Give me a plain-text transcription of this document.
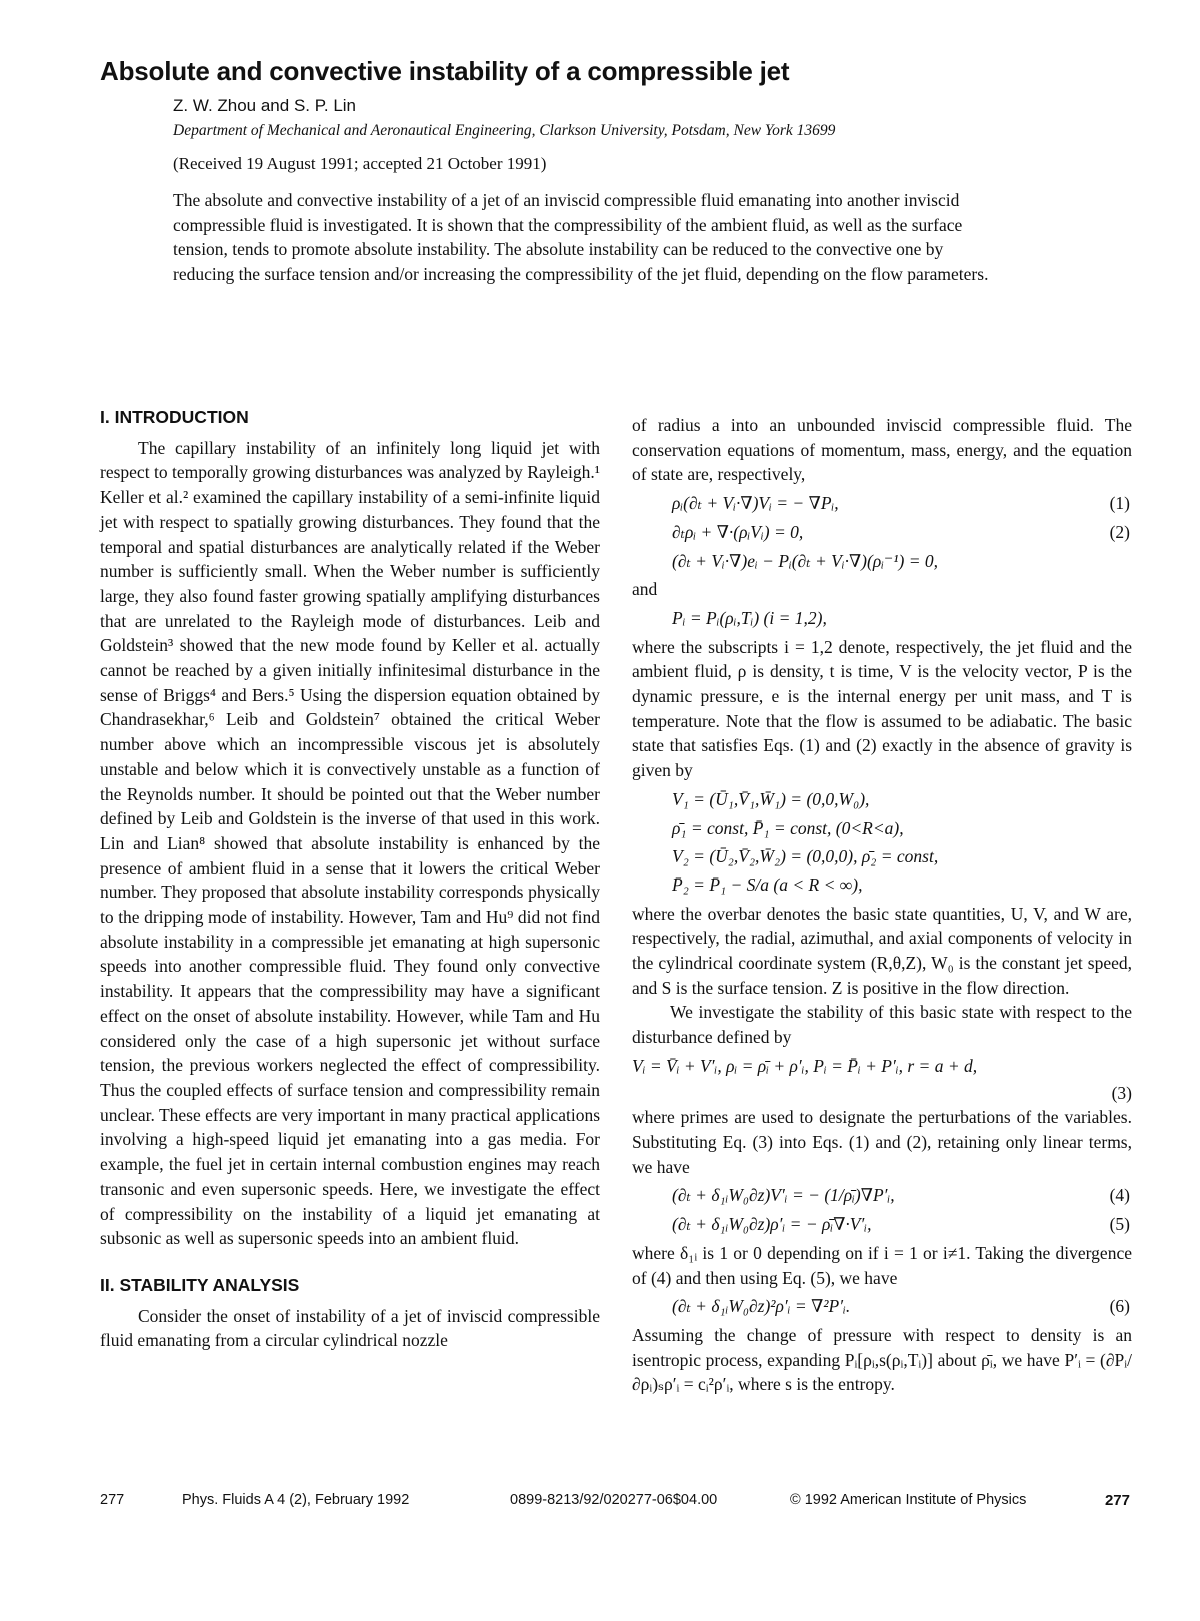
Absolute and convective instability of a compressible jet
Z. W. Zhou and S. P. Lin
Department of Mechanical and Aeronautical Engineering, Clarkson University, Potsdam, New York 13699
(Received 19 August 1991; accepted 21 October 1991)

The absolute and convective instability of a jet of an inviscid compressible fluid emanating into another inviscid compressible fluid is investigated. It is shown that the compressibility of the ambient fluid, as well as the surface tension, tends to promote absolute instability. The absolute instability can be reduced to the convective one by reducing the surface tension and/or increasing the compressibility of the jet fluid, depending on the flow parameters.

I. INTRODUCTION

The capillary instability of an infinitely long liquid jet with respect to temporally growing disturbances was analyzed by Rayleigh.¹ Keller et al.² examined the capillary instability of a semi-infinite liquid jet with respect to spatially growing disturbances. They found that the temporal and spatial disturbances are analytically related if the Weber number is sufficiently small. When the Weber number is sufficiently large, they also found faster growing spatially amplifying disturbances that are unrelated to the Rayleigh mode of disturbances. Leib and Goldstein³ showed that the new mode found by Keller et al. actually cannot be reached by a given initially infinitesimal disturbance in the sense of Briggs⁴ and Bers.⁵ Using the dispersion equation obtained by Chandrasekhar,⁶ Leib and Goldstein⁷ obtained the critical Weber number above which an incompressible viscous jet is absolutely unstable and below which it is convectively unstable as a function of the Reynolds number. It should be pointed out that the Weber number defined by Leib and Goldstein is the inverse of that used in this work. Lin and Lian⁸ showed that absolute instability is enhanced by the presence of ambient fluid in a sense that it lowers the critical Weber number. They proposed that absolute instability corresponds physically to the dripping mode of instability. However, Tam and Hu⁹ did not find absolute instability in a compressible jet emanating at high supersonic speeds into another compressible fluid. They found only convective instability. It appears that the compressibility may have a significant effect on the onset of absolute instability. However, while Tam and Hu considered only the case of a high supersonic jet without surface tension, the previous workers neglected the effect of compressibility. Thus the coupled effects of surface tension and compressibility remain unclear. These effects are very important in many practical applications involving a high-speed liquid jet emanating into a gas media. For example, the fuel jet in certain internal combustion engines may reach transonic and even supersonic speeds. Here, we investigate the effect of compressibility on the instability of a liquid jet emanating at subsonic as well as supersonic speeds into an ambient fluid.

II. STABILITY ANALYSIS

Consider the onset of instability of a jet of inviscid compressible fluid emanating from a circular cylindrical nozzle

of radius a into an unbounded inviscid compressible fluid. The conservation equations of momentum, mass, energy, and the equation of state are, respectively,

ρᵢ(∂ₜ + Vᵢ·∇)Vᵢ = − ∇Pᵢ,	(1)
∂ₜρᵢ + ∇·(ρᵢVᵢ) = 0,	(2)
(∂ₜ + Vᵢ·∇)eᵢ − Pᵢ(∂ₜ + Vᵢ·∇)(ρᵢ⁻¹) = 0,

and

Pᵢ = Pᵢ(ρᵢ,Tᵢ) (i = 1,2),

where the subscripts i = 1,2 denote, respectively, the jet fluid and the ambient fluid, ρ is density, t is time, V is the velocity vector, P is the dynamic pressure, e is the internal energy per unit mass, and T is temperature. Note that the flow is assumed to be adiabatic. The basic state that satisfies Eqs. (1) and (2) exactly in the absence of gravity is given by

V₁ = (Ū₁,V̄₁,W̄₁) = (0,0,W₀),
ρ̄₁ = const, P̄₁ = const, (0<R<a),
V₂ = (Ū₂,V̄₂,W̄₂) = (0,0,0), ρ̄₂ = const,
P̄₂ = P̄₁ − S/a (a < R < ∞),

where the overbar denotes the basic state quantities, U, V, and W are, respectively, the radial, azimuthal, and axial components of velocity in the cylindrical coordinate system (R,θ,Z), W₀ is the constant jet speed, and S is the surface tension. Z is positive in the flow direction.

We investigate the stability of this basic state with respect to the disturbance defined by

Vᵢ = V̄ᵢ + V′ᵢ, ρᵢ = ρ̄ᵢ + ρ′ᵢ, Pᵢ = P̄ᵢ + P′ᵢ, r = a + d,
(3)

where primes are used to designate the perturbations of the variables. Substituting Eq. (3) into Eqs. (1) and (2), retaining only linear terms, we have

(∂ₜ + δ₁ᵢW₀∂z)V′ᵢ = − (1/ρ̄ᵢ)∇P′ᵢ,	(4)
(∂ₜ + δ₁ᵢW₀∂z)ρ′ᵢ = − ρ̄ᵢ∇·V′ᵢ,	(5)

where δ₁ᵢ is 1 or 0 depending on if i = 1 or i≠1. Taking the divergence of (4) and then using Eq. (5), we have

(∂ₜ + δ₁ᵢW₀∂z)²ρ′ᵢ = ∇²P′ᵢ.	(6)

Assuming the change of pressure with respect to density is an isentropic process, expanding Pᵢ[ρᵢ,s(ρᵢ,Tᵢ)] about ρ̄ᵢ, we have P′ᵢ = (∂Pᵢ/∂ρᵢ)ₛρ′ᵢ = cᵢ²ρ′ᵢ, where s is the entropy.

277	Phys. Fluids A 4 (2), February 1992	0899-8213/92/020277-06$04.00	© 1992 American Institute of Physics	277
